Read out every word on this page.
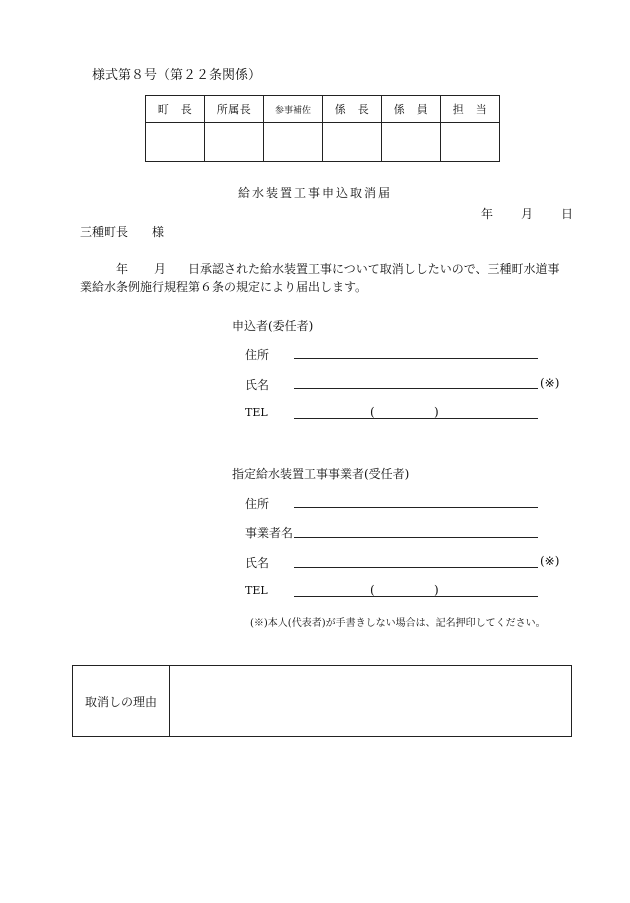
様式第８号（第２２条関係）
町　長	所属長	参事補佐	係　長	係　員	担　当

給水装置工事申込取消届
年 月 日
三種町長　　様
年 月 日承認された給水装置工事について取消ししたいので、三種町水道事業給水条例施行規程第６条の規定により届出します。
申込者(委任者)
住所
氏名	(※)
TEL	(	)
指定給水装置工事事業者(受任者)
住所
事業者名
氏名	(※)
TEL	(	)
(※)本人(代表者)が手書きしない場合は、記名押印してください。
取消しの理由
